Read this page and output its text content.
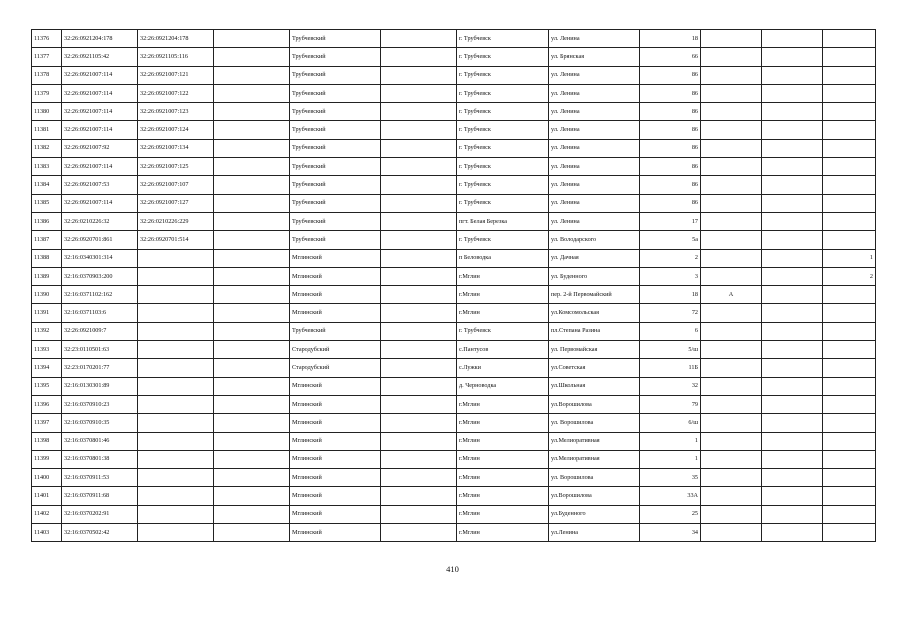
11376	32:26:0921204:178	32:26:0921204:178		Трубчевский		г. Трубчевск	ул. Ленина	18			
11377	32:26:0921105:42	32:26:0921105:116		Трубчевский		г. Трубчевск	ул. Брянская	66			
11378	32:26:0921007:114	32:26:0921007:121		Трубчевский		г. Трубчевск	ул. Ленина	86			
11379	32:26:0921007:114	32:26:0921007:122		Трубчевский		г. Трубчевск	ул. Ленина	86			
11380	32:26:0921007:114	32:26:0921007:123		Трубчевский		г. Трубчевск	ул. Ленина	86			
11381	32:26:0921007:114	32:26:0921007:124		Трубчевский		г. Трубчевск	ул. Ленина	86			
11382	32:26:0921007:92	32:26:0921007:134		Трубчевский		г. Трубчевск	ул. Ленина	86			
11383	32:26:0921007:114	32:26:0921007:125		Трубчевский		г. Трубчевск	ул. Ленина	86			
11384	32:26:0921007:53	32:26:0921007:107		Трубчевский		г. Трубчевск	ул. Ленина	86			
11385	32:26:0921007:114	32:26:0921007:127		Трубчевский		г. Трубчевск	ул. Ленина	86			
11386	32:26:0210226:32	32:26:0210226:229		Трубчевский		пгт. Белая Березка	ул. Ленина	17			
11387	32:26:0920701:861	32:26:0920701:514		Трубчевский		г. Трубчевск	ул. Володарского	5а			
11388	32:16:0340301:314			Мглинский		п Беловодка	ул. Дачная	2			1
11389	32:16:0370903:200			Мглинский		г.Мглин	ул. Буденного	3			2
11390	32:16:0371102:162			Мглинский		г.Мглин	пер. 2-й Первомайский	18	А		
11391	32:16:0371103:6			Мглинский		г.Мглин	ул.Комсомольская	72			
11392	32:26:0921009:7			Трубчевский		г. Трубчевск	пл.Степана Разина	6			
11393	32:23:0110501:63			Стародубский		с.Пантусов	ул. Первомайская	5/ш			
11394	32:23:0170201:77			Стародубский		с.Лужки	ул.Советская	11Б			
11395	32:16:0130301:89			Мглинский		д. Черноводка	ул.Школьная	32			
11396	32:16:0370910:23			Мглинский		г.Мглин	ул.Ворошилова	79			
11397	32:16:0370910:35			Мглинский		г.Мглин	ул. Ворошилова	6/ш			
11398	32:16:0370801:46			Мглинский		г.Мглин	ул.Мелиоративная	1			
11399	32:16:0370801:38			Мглинский		г.Мглин	ул.Мелиоративная	1			
11400	32:16:0370911:53			Мглинский		г.Мглин	ул. Ворошилова	35			
11401	32:16:0370911:68			Мглинский		г.Мглин	ул.Ворошилова	33А			
11402	32:16:0370202:91			Мглинский		г.Мглин	ул.Буденного	25			
11403	32:16:0370502:42			Мглинский		г.Мглин	ул.Ленина	34			
410
